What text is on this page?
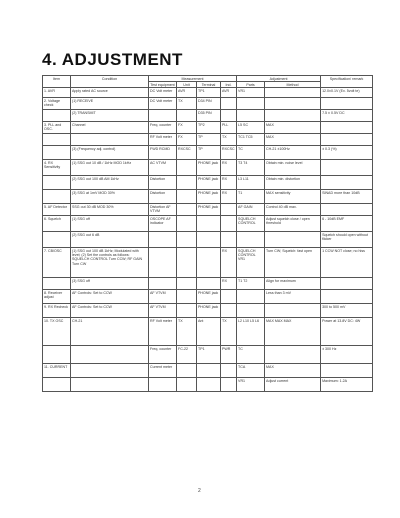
4. ADJUSTMENT
Item	Condition	Measurement				Adjustment		Specification/ remark
		Test equipment	Unit	Terminal	Ind.	Parts	Method	
1. AVR	Apply rated AC source	DC Volt meter	AVR	TP1	AVR	VR1		12.0±0.1V (Ex. 5volt te)
2. Voltage check	(1) RECEIVE	DC Volt meter	TX	D34 PIN				
	(2) TRANSMIT			D35 PIN				7.5 ± 0.5V DC
3. PLL and OSC.	Channel	Freq. counter	FX	TP2	PLL	L5 SC	MAX	
		RF Volt meter	FX	TP	TX	TC1 TC5	MAX	
	(3) (Frequency adj. control)	FWD RCMD	RXCSC	TP	RXCSC	TC	CH-21 ±100Hz	± 0.3 (%)
4. RX Sensitivity	(1) SSG out 10 dB / 1kHz MOD 1kHz	AC VTVM		PHONE jack	RX	T3 T4	Obtain min. noise level	
	(2) SSG out 100 dB AM 1kHz	Distortion		PHONE jack	RX	L3 L11	Obtain min. distortion	
	(3) SSG at 1mV MOD 30%	Distortion		PHONE jack	RX	T1	MAX sensitivity	SINAD more than 10dB
5. AF Detector	SSG out 30 dB MOD 30%	Distortion AF VTVM		PHONE jack		AF GAIN	Control 40 dB max.	
6. Squelch	(1) SSG off	OSCOPE AF indicator				SQUELCH CONTROL	Adjust squelch close / open threshold	6 - 10dB EMF
	(2) SSG out 6 dB							Squelch should open without flicker
7. CB/OSC	(1) SSG out 100 dB 1kHz; Modulated with level; (2) Set the controls as follows: SQUELCH CONTROL Turn CCW; RF GAIN Turn CW				RX	SQUELCH CONTROL VR1	Turn CW; Squelch: fast open	1 CCW NOT close; no hiss
	(3) SSG off				RX	T1 T2	Align for maximum	
8. Receiver adjust	AF Controls: Set to CCW	AF VTVM		PHONE jack			Less than 3 mV	
9. RX Recheck	AF Controls: Set to CCW	AF VTVM		PHONE jack				300 to 500 mV
10. TX OSC	CH-21	RF Volt meter	TX	Ant	TX	L2 L10 L5 L6	MAX MAX MAX	Power at 13.8V DC: 4W
		Freq. counter	FC-22	TP1	PWR	TC		± 300 Hz
11. CURRENT		Current meter				TCA	MAX	
						VR1	Adjust current	Maximum: 1.2A
2
